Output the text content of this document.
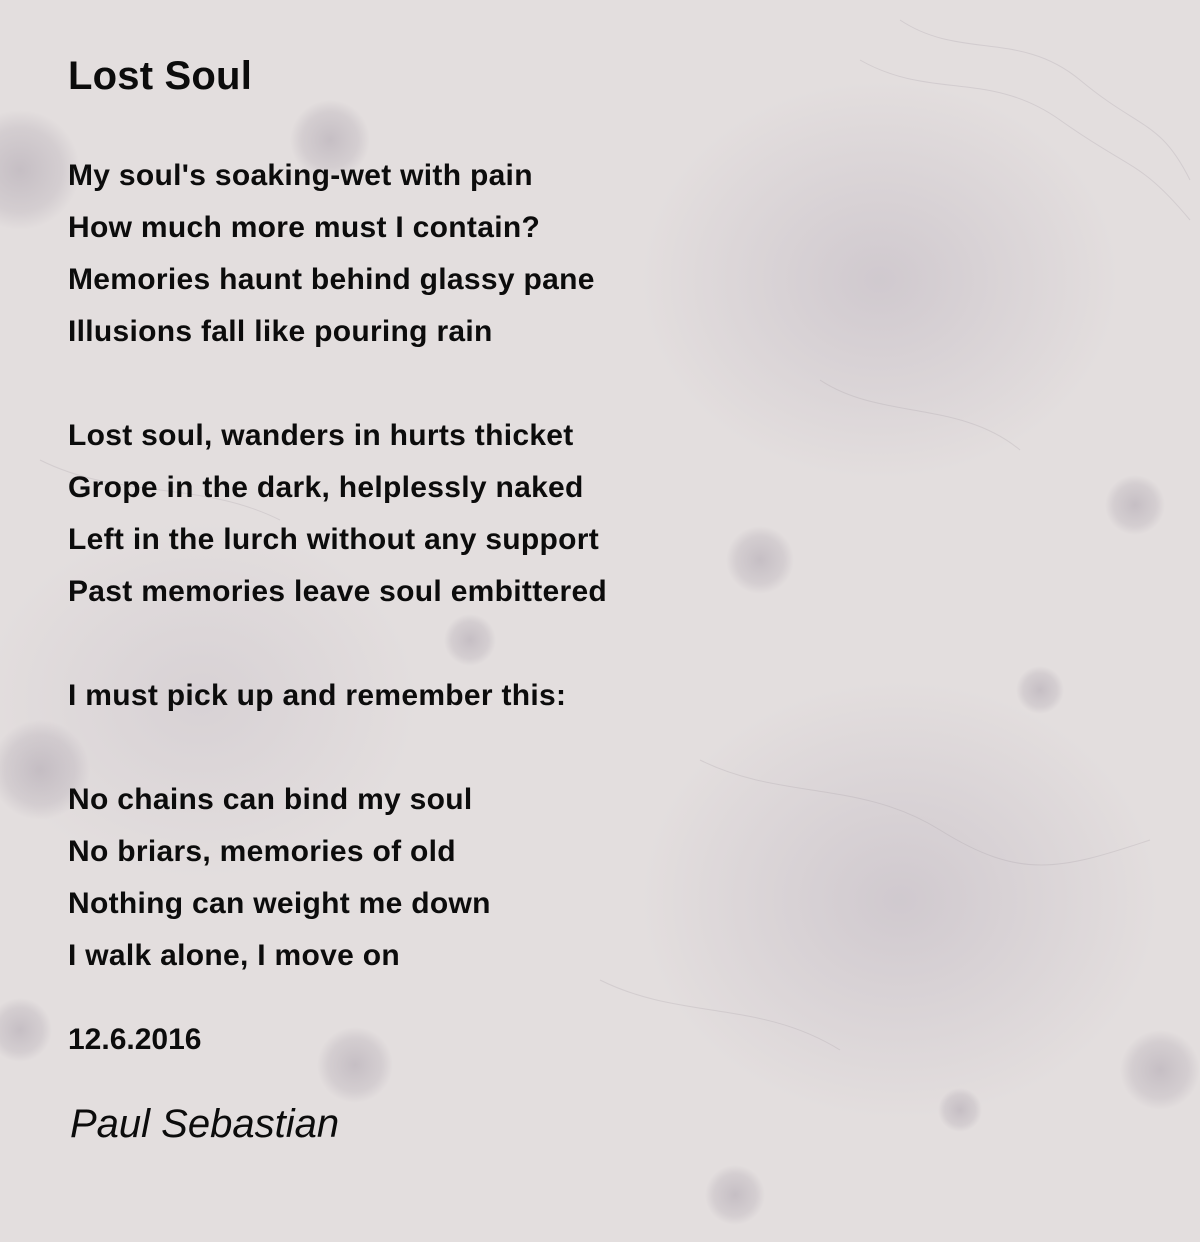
Lost Soul
My soul's soaking-wet with pain
How much more must I contain?
Memories haunt behind glassy pane
Illusions fall like pouring rain
Lost soul, wanders in hurts thicket
Grope in the dark, helplessly naked
Left in the lurch without any support
Past memories leave soul embittered
I must pick up and remember this:
No chains can bind my soul
No briars, memories of old
Nothing can weight me down
I walk alone, I move on
12.6.2016
Paul Sebastian
